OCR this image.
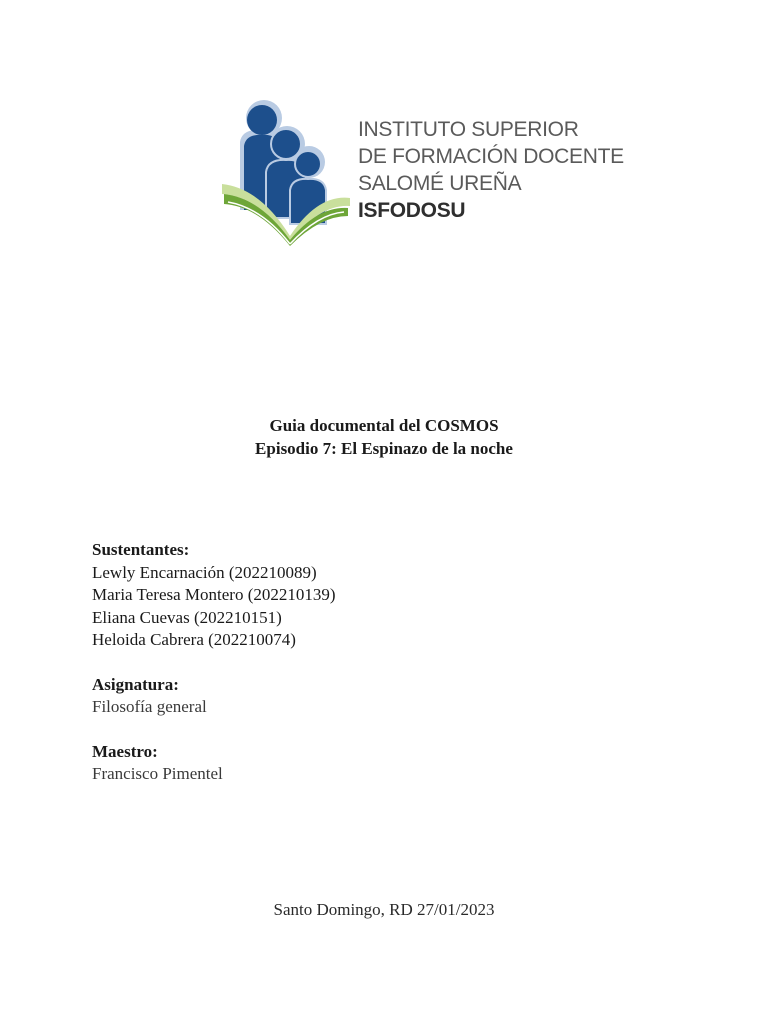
INSTITUTO SUPERIOR
DE FORMACIÓN DOCENTE
SALOMÉ UREÑA
ISFODOSU
Guia documental del COSMOS
Episodio 7: El Espinazo de la noche
Sustentantes:
Lewly Encarnación (202210089)
Maria Teresa Montero (202210139)
Eliana Cuevas (202210151)
Heloida Cabrera (202210074)
Asignatura:
Filosofía general
Maestro:
Francisco Pimentel
Santo Domingo, RD 27/01/2023
